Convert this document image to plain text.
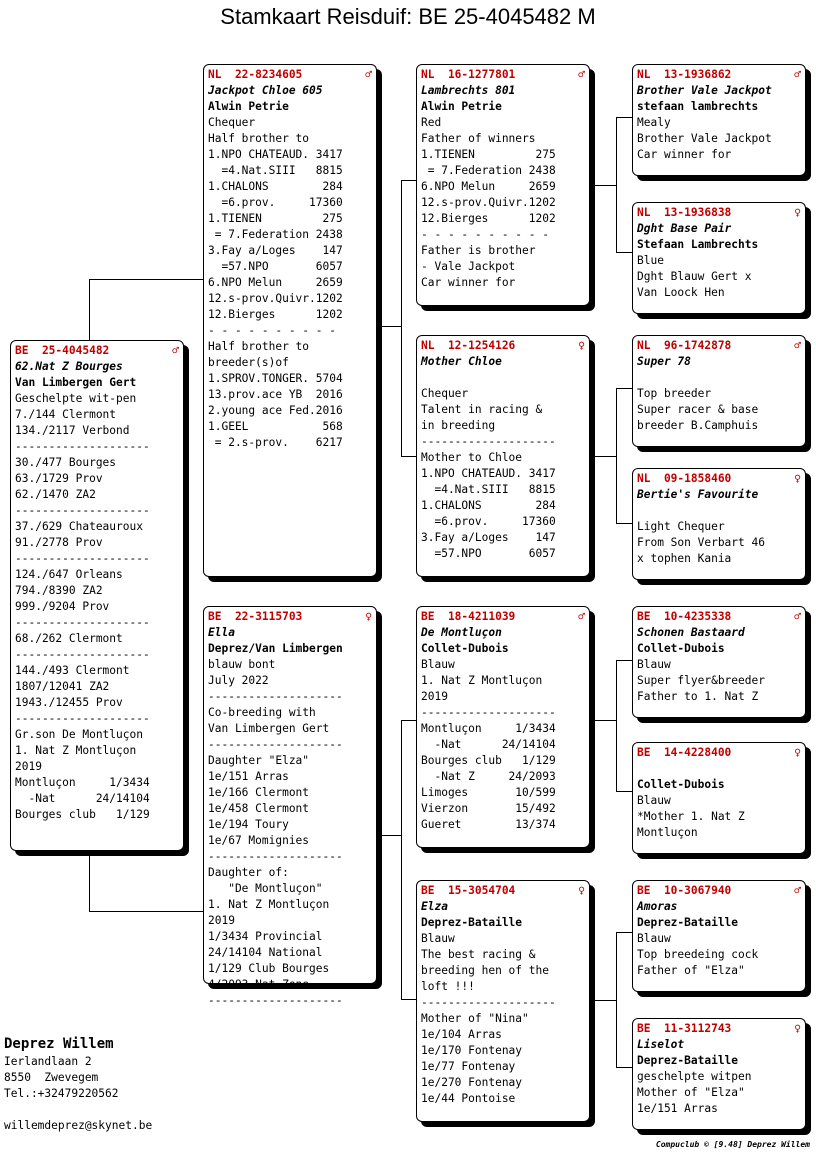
Stamkaart Reisduif: BE 25-4045482 M
BE  25-4045482	♂
62.Nat Z Bourges
Van Limbergen Gert
Geschelpte wit-pen
7./144 Clermont
134./2117 Verbond
--------------------
30./477 Bourges
63./1729 Prov
62./1470 ZA2
--------------------
37./629 Chateauroux
91./2778 Prov
--------------------
124./647 Orleans
794./8390 ZA2
999./9204 Prov
--------------------
68./262 Clermont
--------------------
144./493 Clermont
1807/12041 ZA2
1943./12455 Prov
--------------------
Gr.son De Montluçon
1. Nat Z Montluçon
2019
Montluçon     1/3434
-Nat      24/14104
Bourges club   1/129
NL  22-8234605	♂
Jackpot Chloe 605
Alwin Petrie
Chequer
Half brother to
1.NPO CHATEAUD. 3417
=4.Nat.SIII   8815
1.CHALONS        284
=6.prov.     17360
1.TIENEN         275
= 7.Federation 2438
3.Fay a/Loges    147
=57.NPO       6057
6.NPO Melun     2659
12.s-prov.Quivr.1202
12.Bierges      1202
- - - - - - - - - -
Half brother to
breeder(s)of
1.SPROV.TONGER. 5704
13.prov.ace YB  2016
2.young ace Fed.2016
1.GEEL           568
= 2.s-prov.    6217
BE  22-3115703	♀
Ella
Deprez/Van Limbergen
blauw bont
July 2022
--------------------
Co-breeding with
Van Limbergen Gert
--------------------
Daughter "Elza"
1e/151 Arras
1e/166 Clermont
1e/458 Clermont
1e/194 Toury
1e/67 Momignies
--------------------
Daughter of:
"De Montluçon"
1. Nat Z Montluçon
2019
1/3434 Provincial
24/14104 National
1/129 Club Bourges
4/2093 Nat Zone
--------------------
NL  16-1277801	♂
Lambrechts 801
Alwin Petrie
Red
Father of winners
1.TIENEN         275
= 7.Federation 2438
6.NPO Melun     2659
12.s-prov.Quivr.1202
12.Bierges      1202
- - - - - - - - - -
Father is brother
- Vale Jackpot
Car winner for
NL  12-1254126	♀
Mother Chloe
Chequer
Talent in racing &
in breeding
--------------------
Mother to Chloe
1.NPO CHATEAUD. 3417
=4.Nat.SIII   8815
1.CHALONS        284
=6.prov.     17360
3.Fay a/Loges    147
=57.NPO       6057
BE  18-4211039	♂
De Montluçon
Collet-Dubois
Blauw
1. Nat Z Montluçon
2019
--------------------
Montluçon     1/3434
-Nat      24/14104
Bourges club   1/129
-Nat Z     24/2093
Limoges       10/599
Vierzon       15/492
Gueret        13/374
BE  15-3054704	♀
Elza
Deprez-Bataille
Blauw
The best racing &
breeding hen of the
loft !!!
--------------------
Mother of "Nina"
1e/104 Arras
1e/170 Fontenay
1e/77 Fontenay
1e/270 Fontenay
1e/44 Pontoise
NL  13-1936862	♂
Brother Vale Jackpot
stefaan lambrechts
Mealy
Brother Vale Jackpot
Car winner for
NL  13-1936838	♀
Dght Base Pair
Stefaan Lambrechts
Blue
Dght Blauw Gert x
Van Loock Hen
NL  96-1742878	♂
Super 78
Top breeder
Super racer & base
breeder B.Camphuis
NL  09-1858460	♀
Bertie's Favourite
Light Chequer
From Son Verbart 46
x tophen Kania
BE  10-4235338	♂
Schonen Bastaard
Collet-Dubois
Blauw
Super flyer&breeder
Father to 1. Nat Z
BE  14-4228400	♀
Collet-Dubois
Blauw
*Mother 1. Nat Z
Montluçon
BE  10-3067940	♂
Amoras
Deprez-Bataille
Blauw
Top breedeing cock
Father of "Elza"
BE  11-3112743	♀
Liselot
Deprez-Bataille
geschelpte witpen
Mother of "Elza"
1e/151 Arras
Deprez Willem
Ierlandlaan 2
8550  Zwevegem
Tel.:+32479220562

willemdeprez@skynet.be
Compuclub © [9.48] Deprez Willem
